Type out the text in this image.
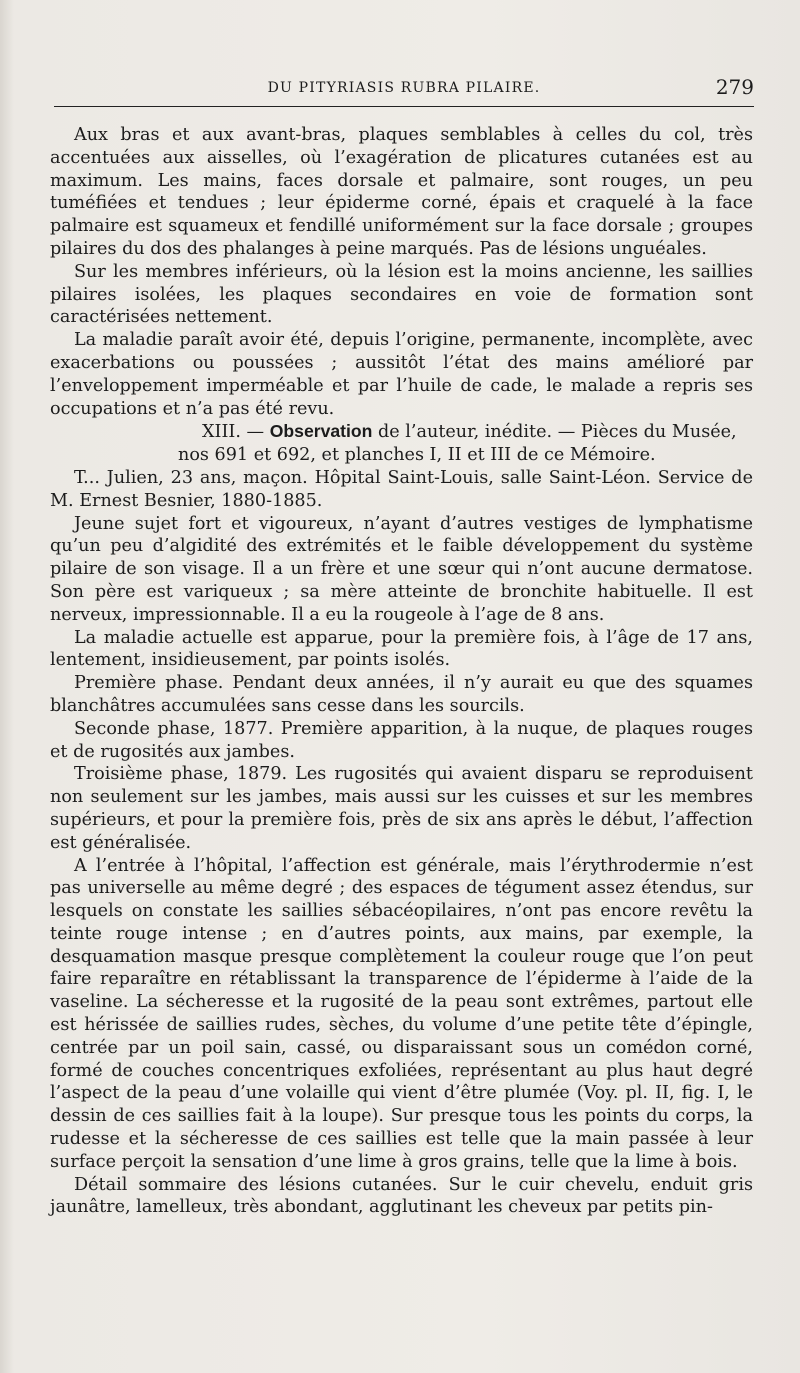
DU PITYRIASIS RUBRA PILAIRE.	279

Aux bras et aux avant-bras, plaques semblables à celles du col, très accentuées aux aisselles, où l’exagération de plicatures cutanées est au maximum. Les mains, faces dorsale et palmaire, sont rouges, un peu tuméfiées et tendues ; leur épiderme corné, épais et craquelé à la face palmaire est squameux et fendillé uniformément sur la face dorsale ; groupes pilaires du dos des phalanges à peine marqués. Pas de lésions unguéales.

Sur les membres inférieurs, où la lésion est la moins ancienne, les saillies pilaires isolées, les plaques secondaires en voie de formation sont caractérisées nettement.

La maladie paraît avoir été, depuis l’origine, permanente, incomplète, avec exacerbations ou poussées ; aussitôt l’état des mains amélioré par l’enveloppement imperméable et par l’huile de cade, le malade a repris ses occupations et n’a pas été revu.

XIII. — Observation de l’auteur, inédite. — Pièces du Musée, nos 691 et 692, et planches I, II et III de ce Mémoire.

T... Julien, 23 ans, maçon. Hôpital Saint-Louis, salle Saint-Léon. Service de M. Ernest Besnier, 1880-1885.

Jeune sujet fort et vigoureux, n’ayant d’autres vestiges de lymphatisme qu’un peu d’algidité des extrémités et le faible développement du système pilaire de son visage. Il a un frère et une sœur qui n’ont aucune dermatose. Son père est variqueux ; sa mère atteinte de bronchite habituelle. Il est nerveux, impressionnable. Il a eu la rougeole à l’age de 8 ans.

La maladie actuelle est apparue, pour la première fois, à l’âge de 17 ans, lentement, insidieusement, par points isolés.

Première phase. Pendant deux années, il n’y aurait eu que des squames blanchâtres accumulées sans cesse dans les sourcils.

Seconde phase, 1877. Première apparition, à la nuque, de plaques rouges et de rugosités aux jambes.

Troisième phase, 1879. Les rugosités qui avaient disparu se reproduisent non seulement sur les jambes, mais aussi sur les cuisses et sur les membres supérieurs, et pour la première fois, près de six ans après le début, l’affection est généralisée.

A l’entrée à l’hôpital, l’affection est générale, mais l’érythrodermie n’est pas universelle au même degré ; des espaces de tégument assez étendus, sur lesquels on constate les saillies sébacéopilaires, n’ont pas encore revêtu la teinte rouge intense ; en d’autres points, aux mains, par exemple, la desquamation masque presque complètement la couleur rouge que l’on peut faire reparaître en rétablissant la transparence de l’épiderme à l’aide de la vaseline. La sécheresse et la rugosité de la peau sont extrêmes, partout elle est hérissée de saillies rudes, sèches, du volume d’une petite tête d’épingle, centrée par un poil sain, cassé, ou disparaissant sous un comédon corné, formé de couches concentriques exfoliées, représentant au plus haut degré l’aspect de la peau d’une volaille qui vient d’être plumée (Voy. pl. II, fig. I, le dessin de ces saillies fait à la loupe). Sur presque tous les points du corps, la rudesse et la sécheresse de ces saillies est telle que la main passée à leur surface perçoit la sensation d’une lime à gros grains, telle que la lime à bois.

Détail sommaire des lésions cutanées. Sur le cuir chevelu, enduit gris jaunâtre, lamelleux, très abondant, agglutinant les cheveux par petits pin-
